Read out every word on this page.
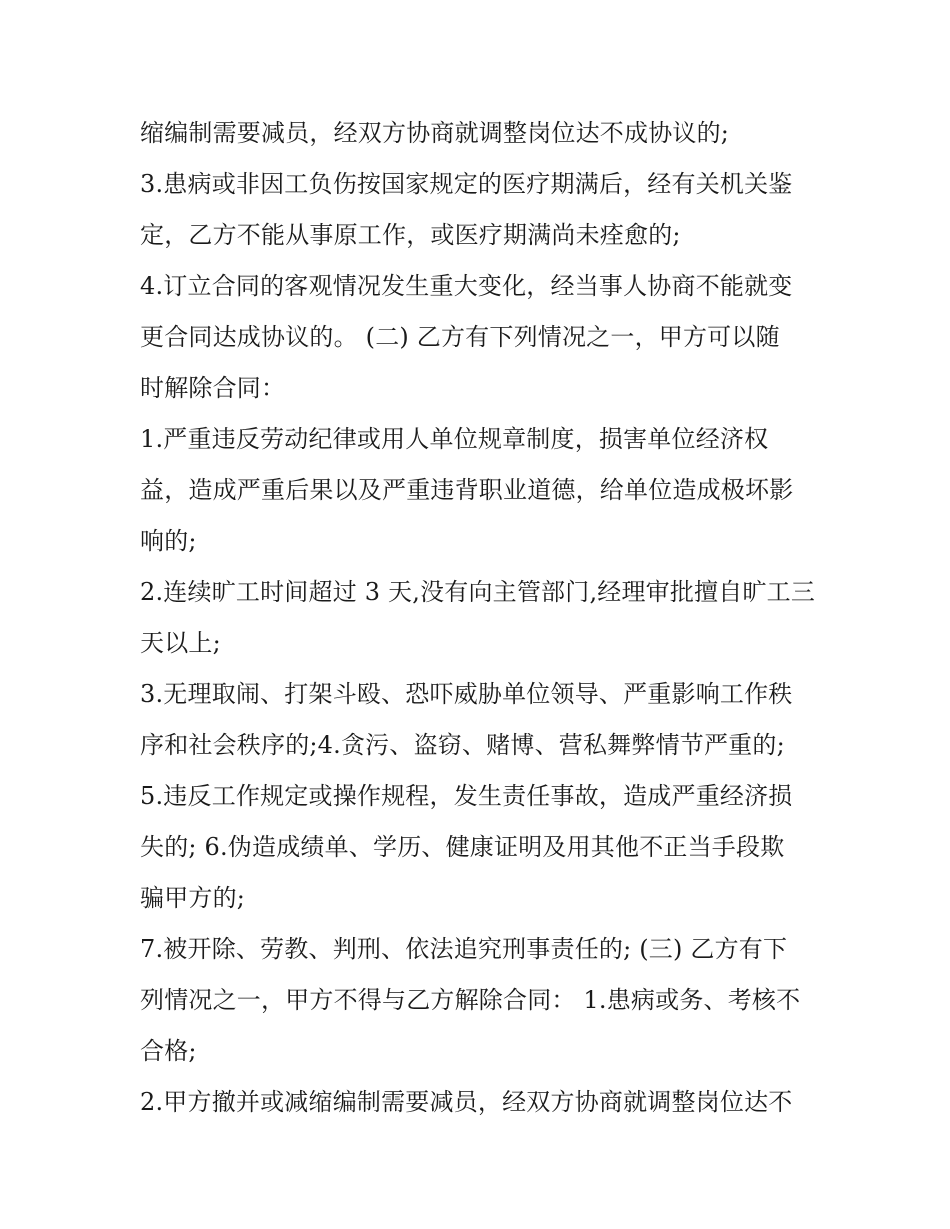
缩编制需要减员，经双方协商就调整岗位达不成协议的;
3.患病或非因工负伤按国家规定的医疗期满后，经有关机关鉴
定，乙方不能从事原工作，或医疗期满尚未痊愈的;
4.订立合同的客观情况发生重大变化，经当事人协商不能就变
更合同达成协议的。 (二) 乙方有下列情况之一，甲方可以随
时解除合同：
1.严重违反劳动纪律或用人单位规章制度，损害单位经济权
益，造成严重后果以及严重违背职业道德，给单位造成极坏影
响的;
2.连续旷工时间超过 3 天,没有向主管部门,经理审批擅自旷工三
天以上;
3.无理取闹、打架斗殴、恐吓威胁单位领导、严重影响工作秩
序和社会秩序的;4.贪污、盗窃、赌博、营私舞弊情节严重的;
5.违反工作规定或操作规程，发生责任事故，造成严重经济损
失的; 6.伪造成绩单、学历、健康证明及用其他不正当手段欺
骗甲方的;
7.被开除、劳教、判刑、依法追究刑事责任的; (三) 乙方有下
列情况之一，甲方不得与乙方解除合同： 1.患病或务、考核不
合格;
2.甲方撤并或减缩编制需要减员，经双方协商就调整岗位达不
